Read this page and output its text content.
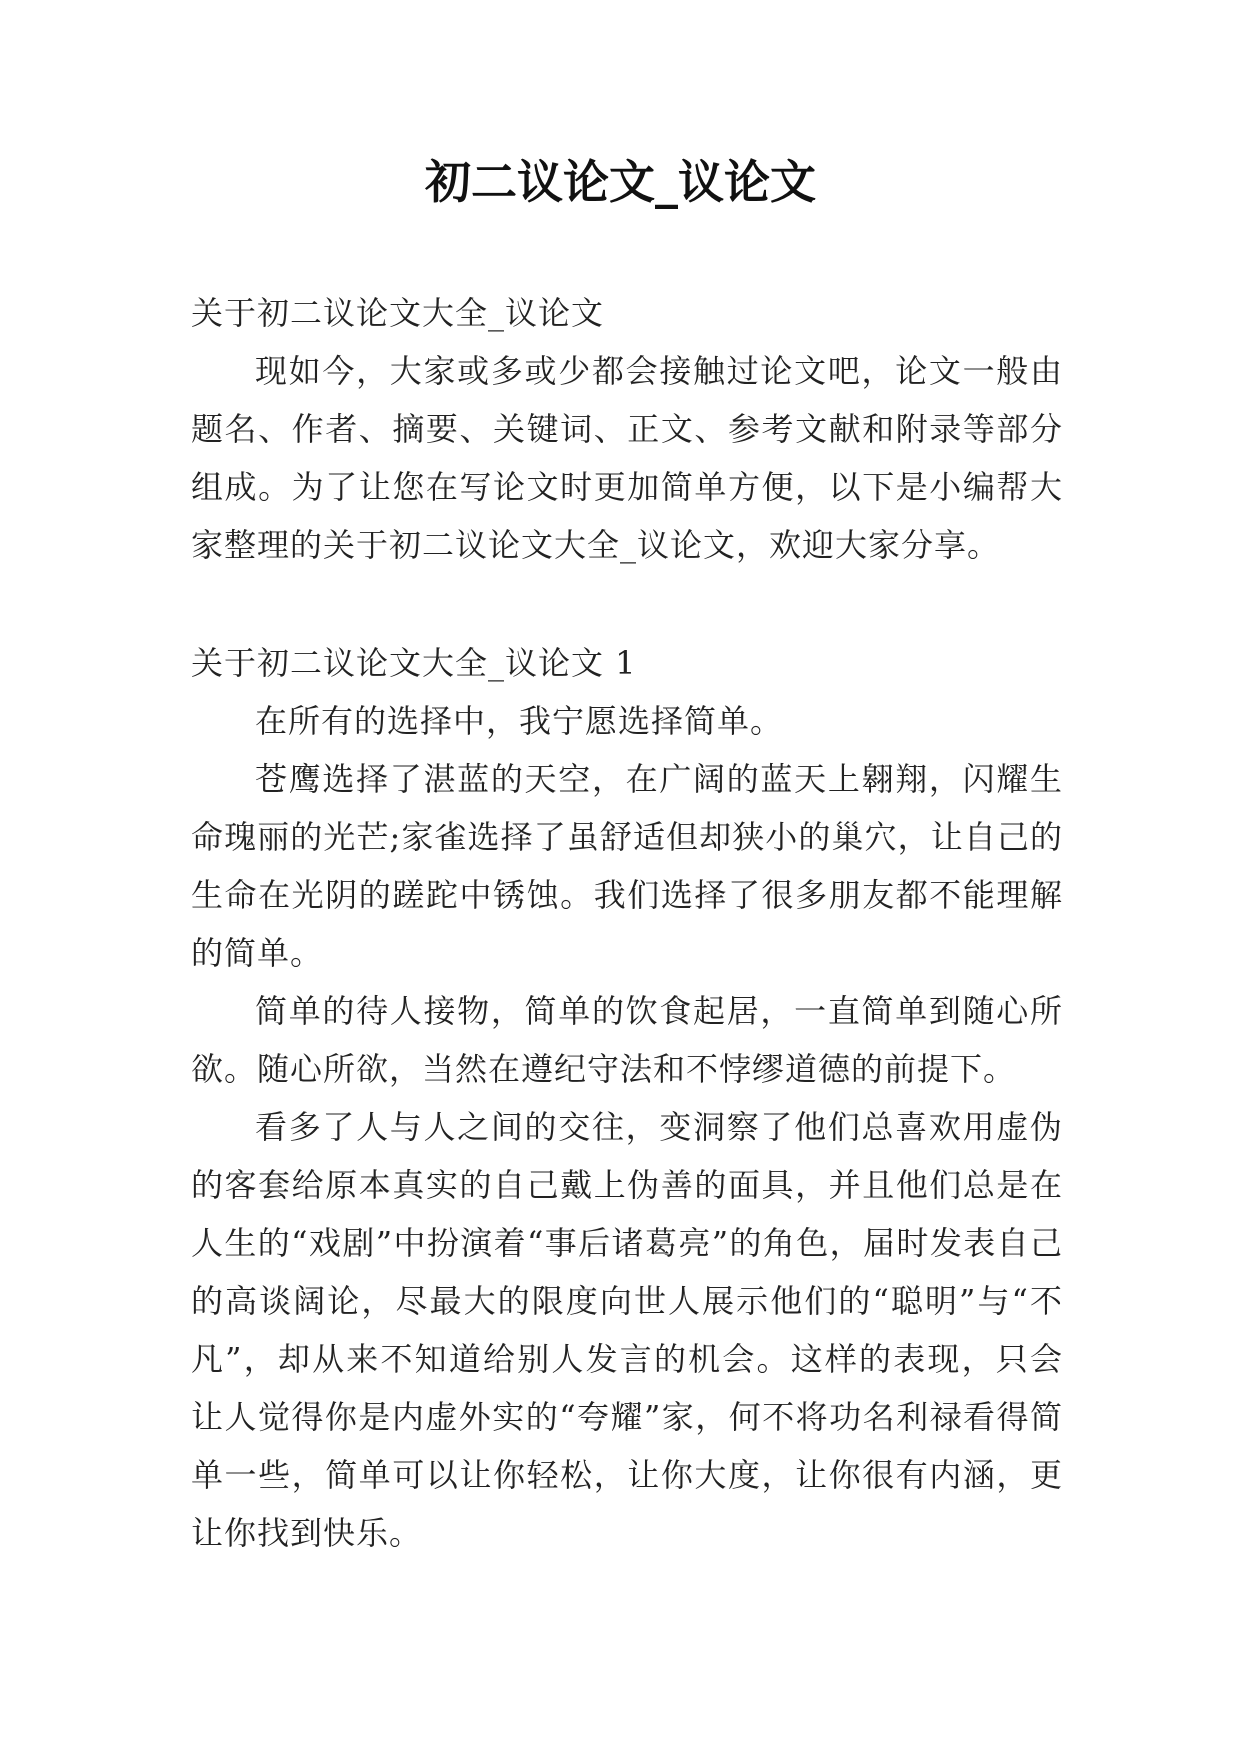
初二议论文_议论文

关于初二议论文大全_议论文

现如今，大家或多或少都会接触过论文吧，论文一般由题名、作者、摘要、关键词、正文、参考文献和附录等部分组成。为了让您在写论文时更加简单方便，以下是小编帮大家整理的关于初二议论文大全_议论文，欢迎大家分享。

关于初二议论文大全_议论文 1

在所有的选择中，我宁愿选择简单。

苍鹰选择了湛蓝的天空，在广阔的蓝天上翱翔，闪耀生命瑰丽的光芒;家雀选择了虽舒适但却狭小的巢穴，让自己的生命在光阴的蹉跎中锈蚀。我们选择了很多朋友都不能理解的简单。

简单的待人接物，简单的饮食起居，一直简单到随心所欲。随心所欲，当然在遵纪守法和不悖缪道德的前提下。

看多了人与人之间的交往，变洞察了他们总喜欢用虚伪的客套给原本真实的自己戴上伪善的面具，并且他们总是在人生的“戏剧”中扮演着“事后诸葛亮”的角色，届时发表自己的高谈阔论，尽最大的限度向世人展示他们的“聪明”与“不凡”，却从来不知道给别人发言的机会。这样的表现，只会让人觉得你是内虚外实的“夸耀”家，何不将功名利禄看得简单一些，简单可以让你轻松，让你大度，让你很有内涵，更让你找到快乐。
